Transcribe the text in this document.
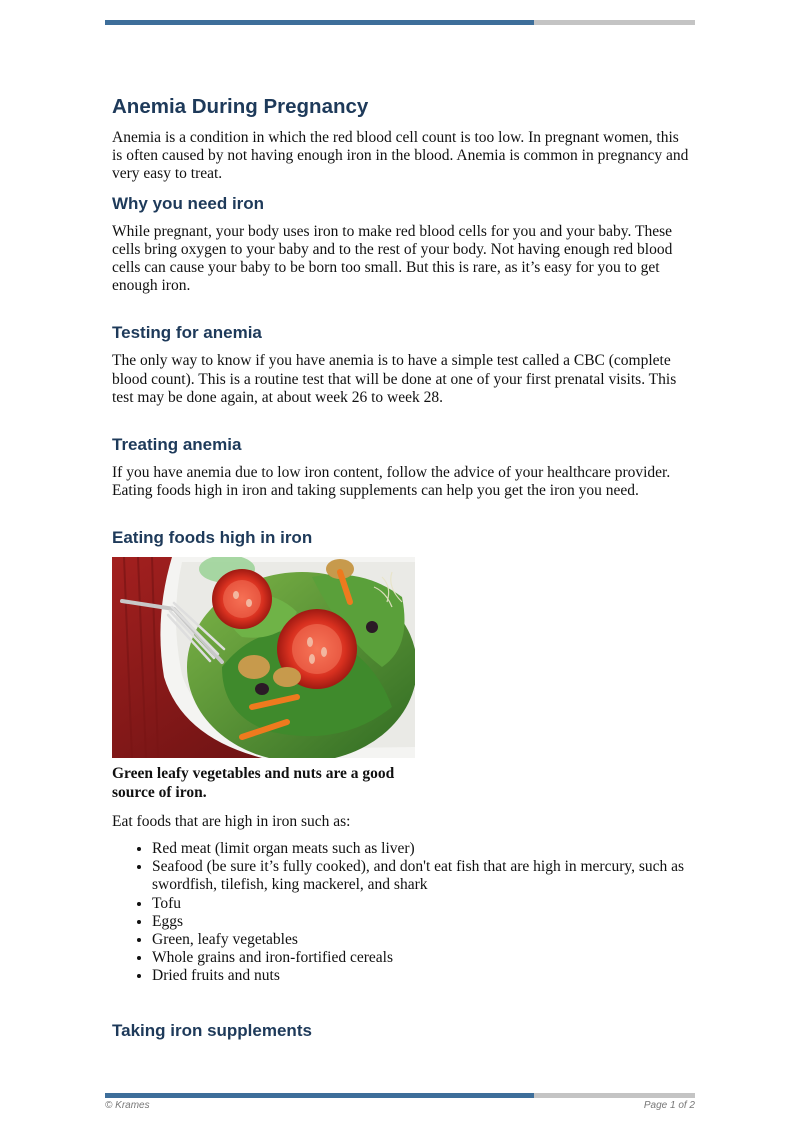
Anemia During Pregnancy

Anemia is a condition in which the red blood cell count is too low. In pregnant women, this is often caused by not having enough iron in the blood. Anemia is common in pregnancy and very easy to treat.

Why you need iron

While pregnant, your body uses iron to make red blood cells for you and your baby. These cells bring oxygen to your baby and to the rest of your body. Not having enough red blood cells can cause your baby to be born too small. But this is rare, as it’s easy for you to get enough iron.

Testing for anemia

The only way to know if you have anemia is to have a simple test called a CBC (complete blood count). This is a routine test that will be done at one of your first prenatal visits. This test may be done again, at about week 26 to week 28.

Treating anemia

If you have anemia due to low iron content, follow the advice of your healthcare provider. Eating foods high in iron and taking supplements can help you get the iron you need.

Eating foods high in iron

Green leafy vegetables and nuts are a good source of iron.

Eat foods that are high in iron such as:

• Red meat (limit organ meats such as liver)
• Seafood (be sure it’s fully cooked), and don't eat fish that are high in mercury, such as swordfish, tilefish, king mackerel, and shark
• Tofu
• Eggs
• Green, leafy vegetables
• Whole grains and iron-fortified cereals
• Dried fruits and nuts
Taking iron supplements
© Krames	Page 1 of 2
